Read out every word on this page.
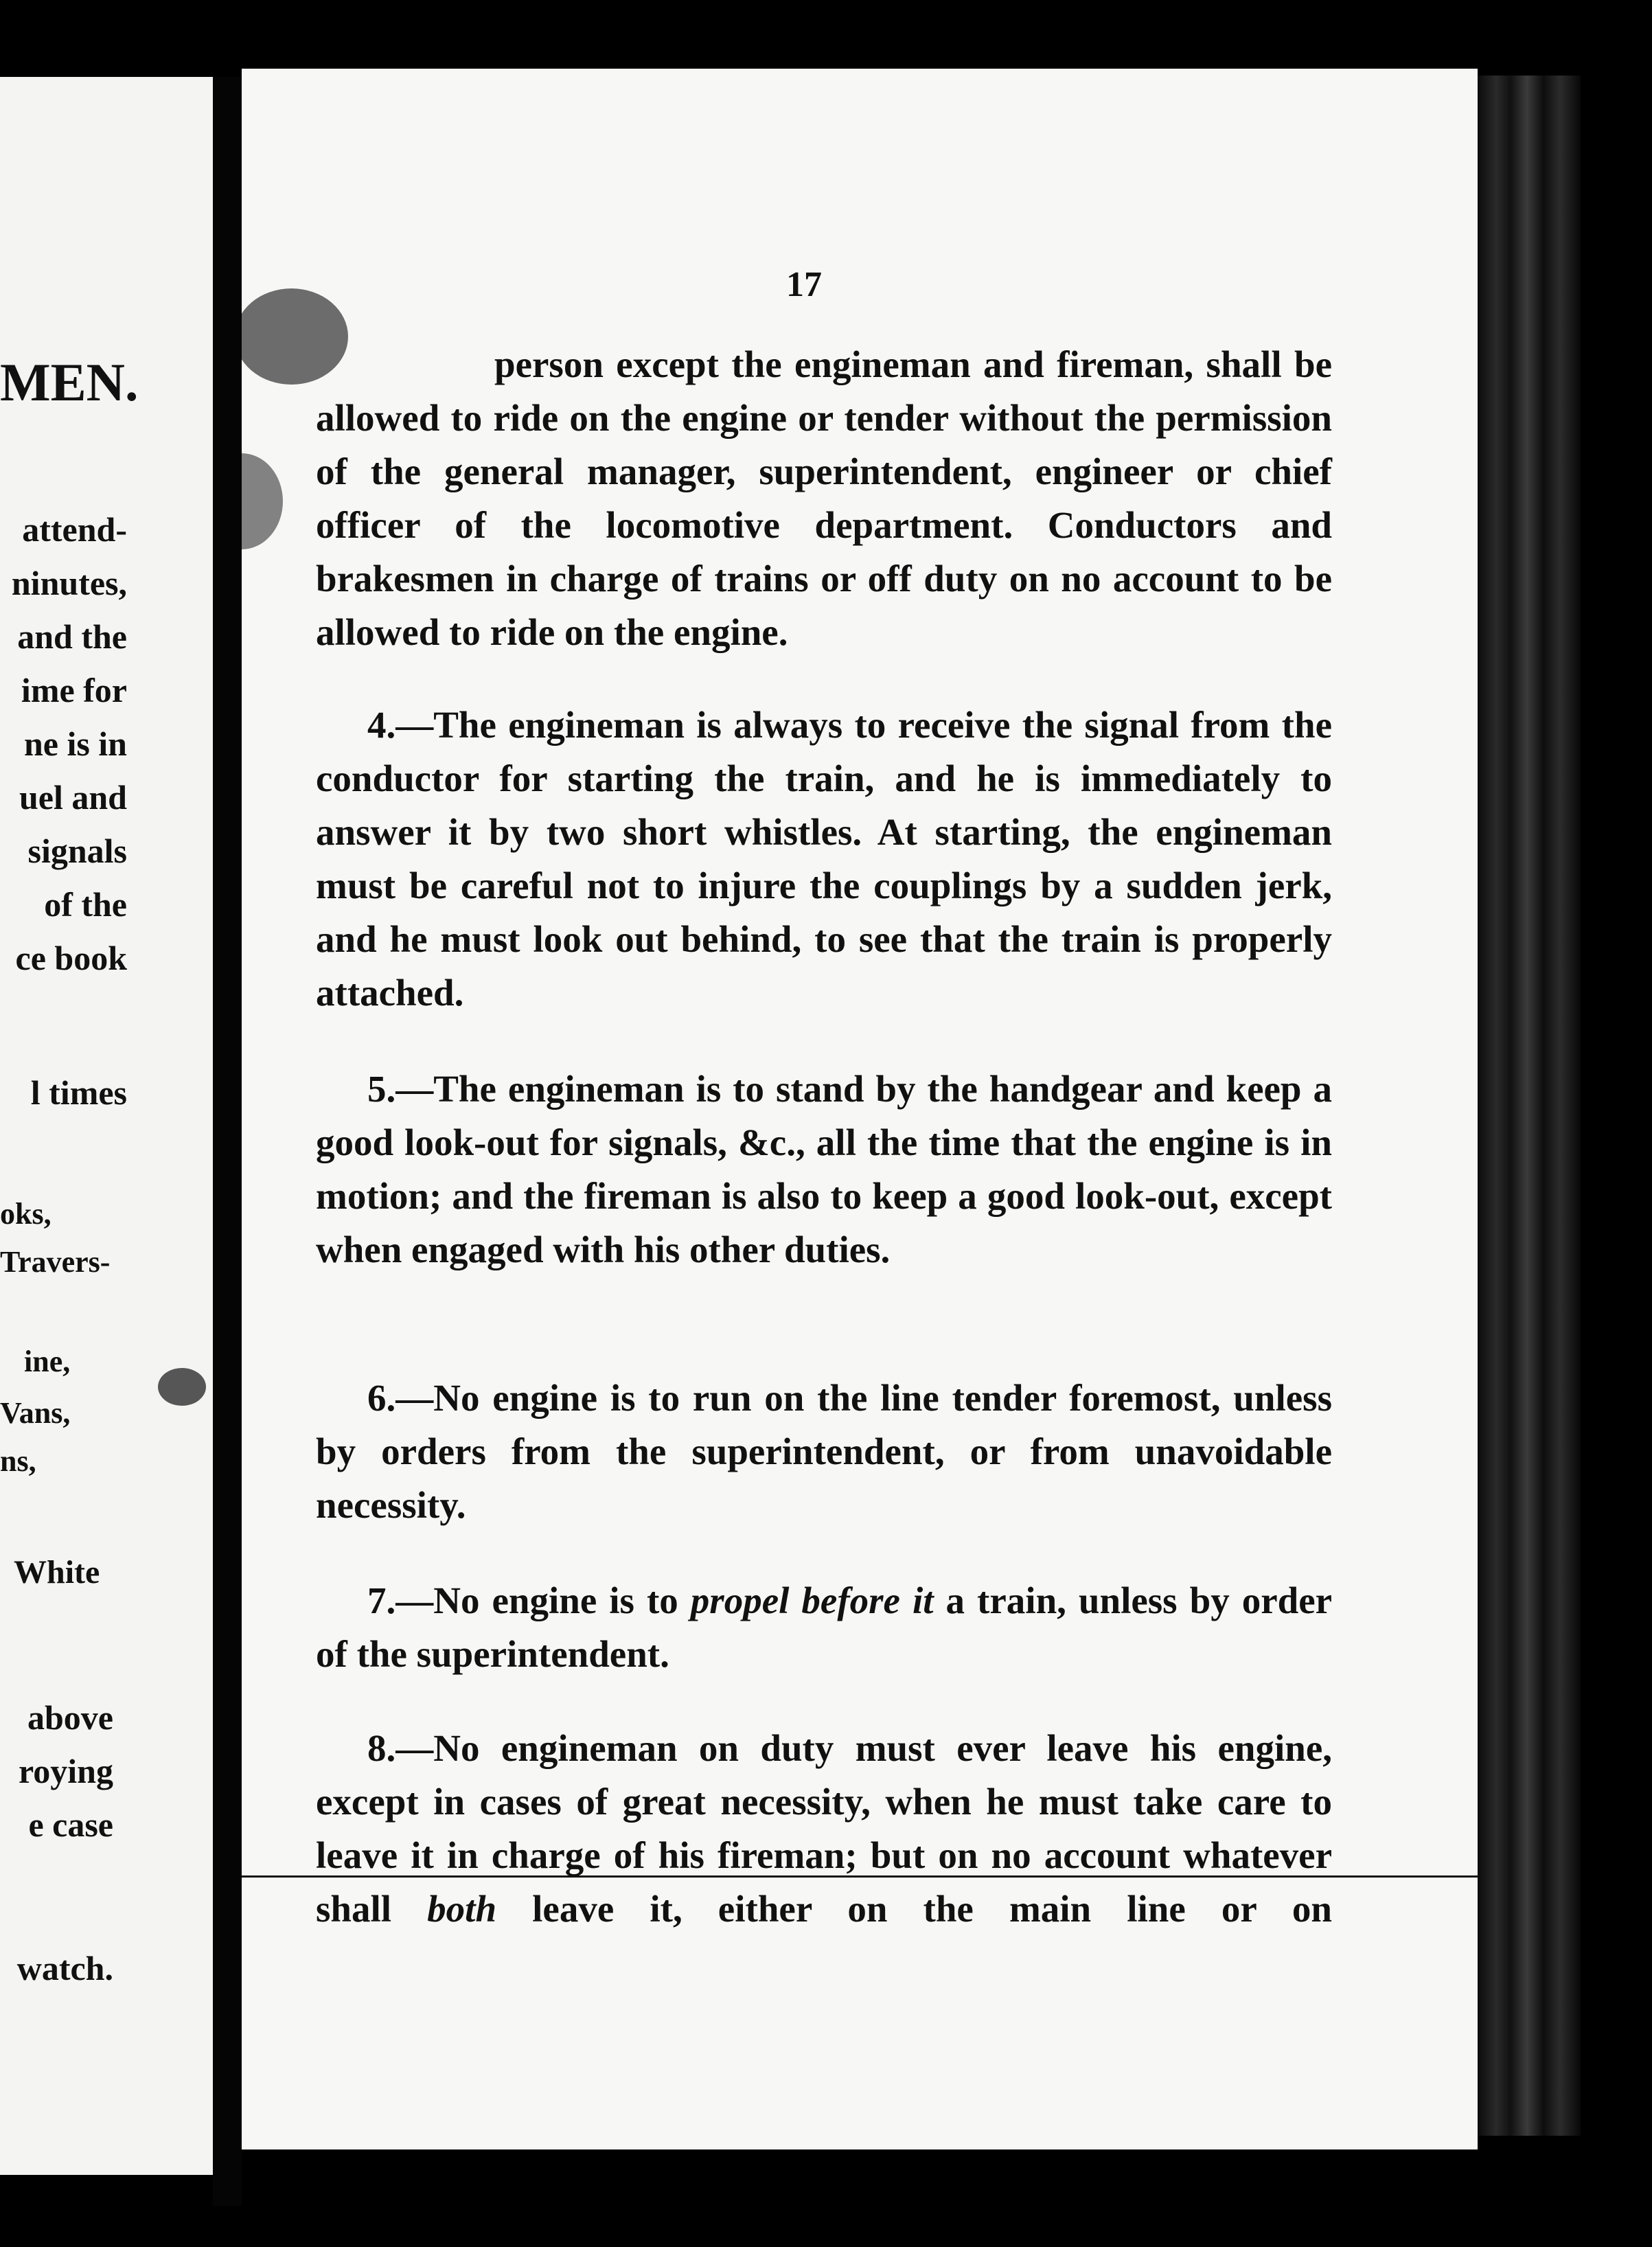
MEN.
attend-
ninutes,
and the
ime for
ne is in
uel and
signals
of the
ce book
l times
oks,
Travers-
ine,
Vans,
ns,
White
above
roying
e case
watch.
17

person except the engineman and fireman, shall be allowed to ride on the engine or tender without the permission of the general manager, superintendent, engineer or chief officer of the locomotive department. Conductors and brakesmen in charge of trains or off duty on no account to be allowed to ride on the engine.

4.—The engineman is always to receive the signal from the conductor for starting the train, and he is immediately to answer it by two short whistles. At starting, the engineman must be careful not to injure the couplings by a sudden jerk, and he must look out behind, to see that the train is properly attached.

5.—The engineman is to stand by the handgear and keep a good look-out for signals, &c., all the time that the engine is in motion; and the fireman is also to keep a good look-out, except when engaged with his other duties.

6.—No engine is to run on the line tender foremost, unless by orders from the superintendent, or from unavoidable necessity.

7.—No engine is to propel before it a train, unless by order of the superintendent.

8.—No engineman on duty must ever leave his engine, except in cases of great necessity, when he must take care to leave it in charge of his fireman; but on no account whatever shall both leave it, either on the main line or on
